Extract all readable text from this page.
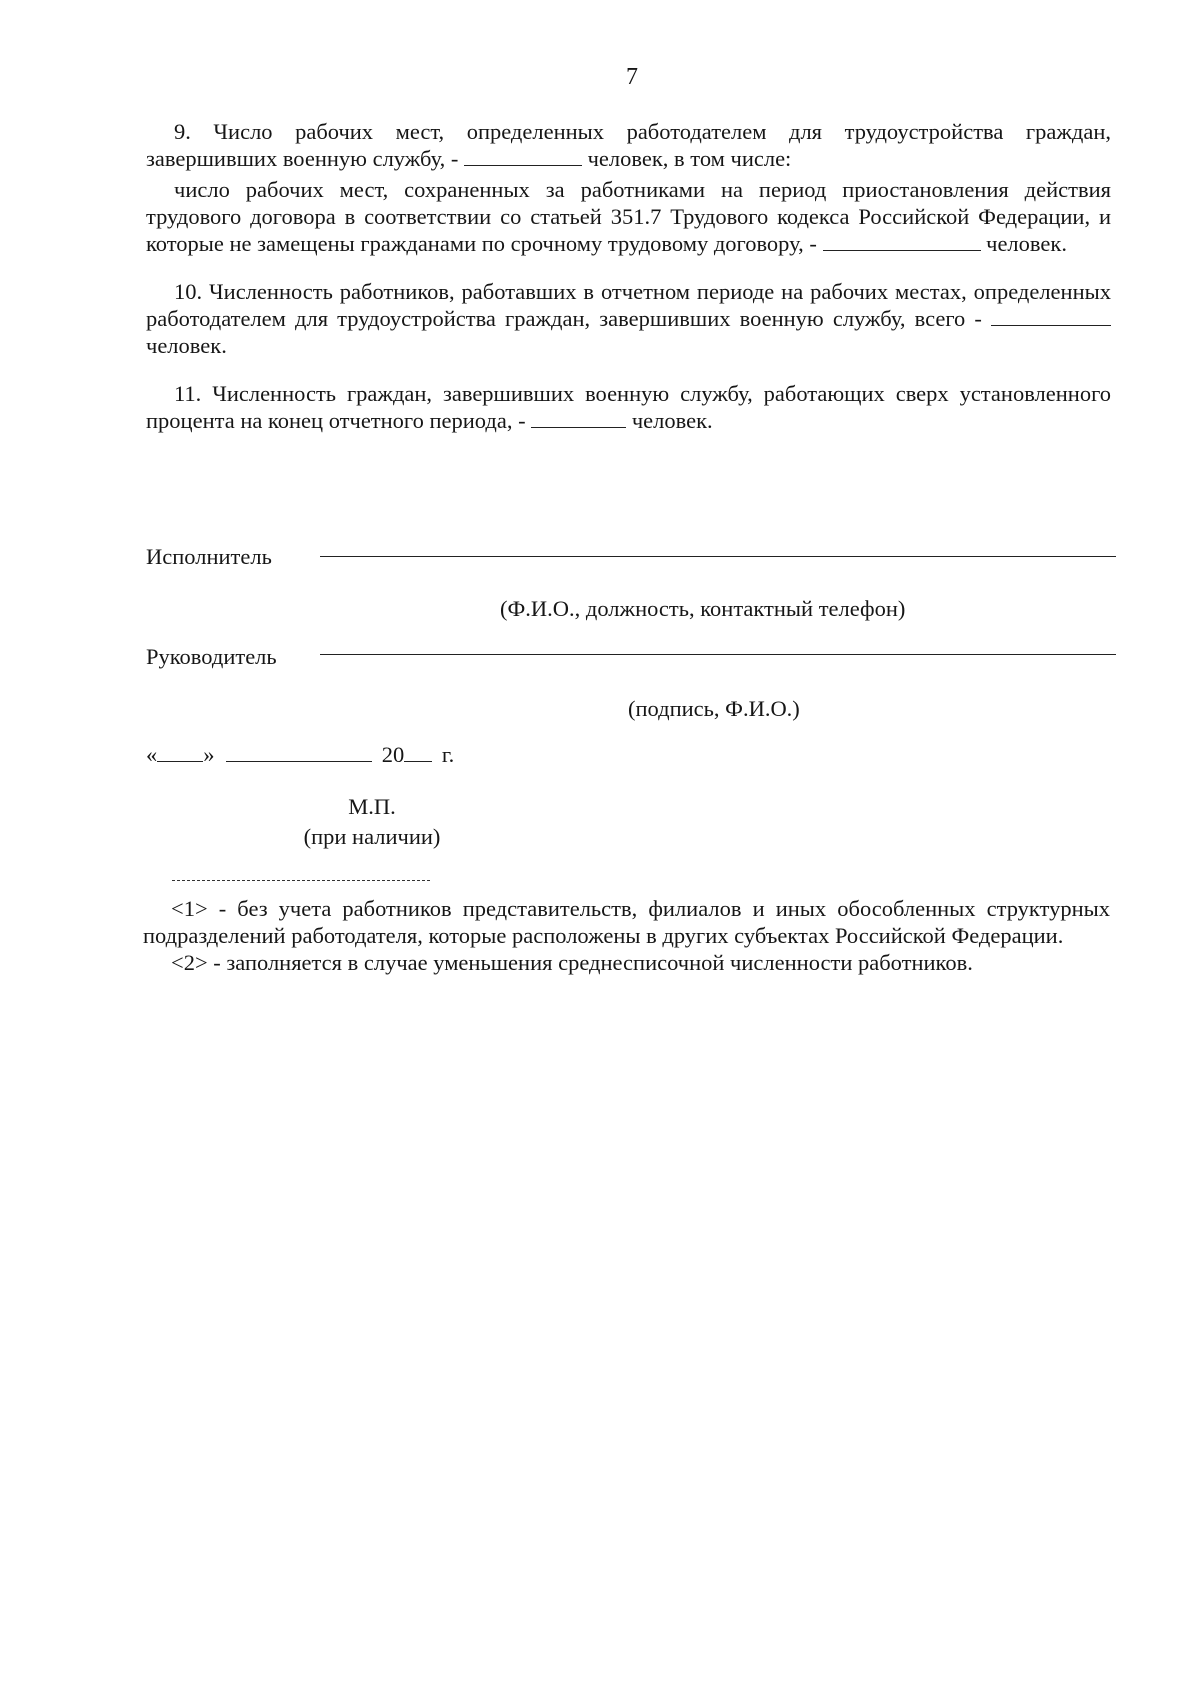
7

9. Число рабочих мест, определенных работодателем для трудоустройства граждан, завершивших военную службу, -	человек, в том числе:

число рабочих мест, сохраненных за работниками на период приостановления действия трудового договора в соответствии со статьей 351.7 Трудового кодекса Российской Федерации, и которые не замещены гражданами по срочному трудовому договору, -	человек.

10. Численность работников, работавших в отчетном периоде на рабочих местах, определенных работодателем для трудоустройства граждан, завершивших военную службу, всего -  человек.

11. Численность граждан, завершивших военную службу, работающих сверх установленного процента на конец отчетного периода, -	человек.

Исполнитель
(Ф.И.О., должность, контактный телефон)
Руководитель
(подпись, Ф.И.О.)
« »	20 г.
М.П.
(при наличии)

<1> - без учета работников представительств, филиалов и иных обособленных структурных подразделений работодателя, которые расположены в других субъектах Российской Федерации.

<2> - заполняется в случае уменьшения среднесписочной численности работников.
